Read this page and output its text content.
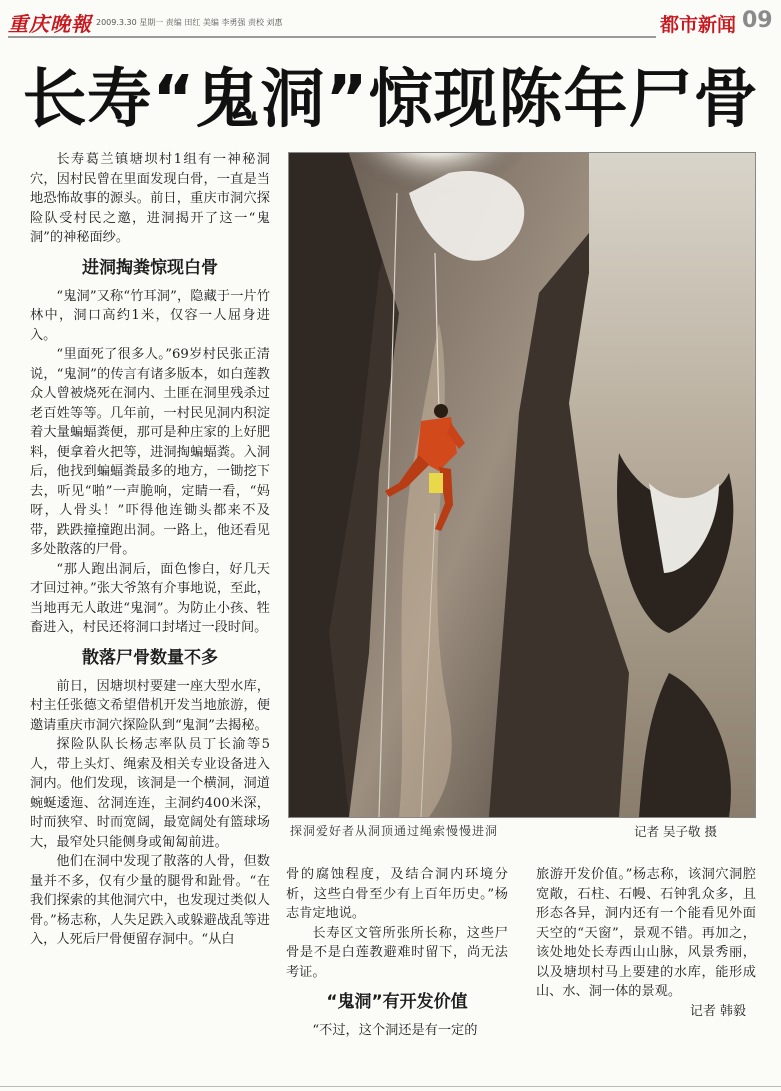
重庆晚報 2009.3.30 星期一 责编 田红 美编 李勇强 责校 刘惠	都市新闻 09
长寿“鬼洞”惊现陈年尸骨

长寿葛兰镇塘坝村1组有一神秘洞穴，因村民曾在里面发现白骨，一直是当地恐怖故事的源头。前日，重庆市洞穴探险队受村民之邀，进洞揭开了这一“鬼洞”的神秘面纱。

进洞掏粪惊现白骨

“鬼洞”又称“竹耳洞”，隐藏于一片竹林中，洞口高约1米，仅容一人屈身进入。

“里面死了很多人。”69岁村民张正清说，“鬼洞”的传言有诸多版本，如白莲教众人曾被烧死在洞内、土匪在洞里残杀过老百姓等等。几年前，一村民见洞内积淀着大量蝙蝠粪便，那可是种庄家的上好肥料，便拿着火把等，进洞掏蝙蝠粪。入洞后，他找到蝙蝠粪最多的地方，一锄挖下去，听见“啪”一声脆响，定睛一看，“妈呀，人骨头！”吓得他连锄头都来不及带，跌跌撞撞跑出洞。一路上，他还看见多处散落的尸骨。

“那人跑出洞后，面色惨白，好几天才回过神。”张大爷煞有介事地说，至此，当地再无人敢进“鬼洞”。为防止小孩、牲畜进入，村民还将洞口封堵过一段时间。

散落尸骨数量不多

前日，因塘坝村要建一座大型水库，村主任张德文希望借机开发当地旅游，便邀请重庆市洞穴探险队到“鬼洞”去揭秘。

探险队队长杨志率队员丁长渝等5人，带上头灯、绳索及相关专业设备进入洞内。他们发现，该洞是一个横洞，洞道蜿蜒逶迤、岔洞连连，主洞约400米深，时而狭窄、时而宽阔，最宽阔处有篮球场大，最窄处只能侧身或匍匐前进。

他们在洞中发现了散落的人骨，但数量并不多，仅有少量的腿骨和趾骨。“在我们探索的其他洞穴中，也发现过类似人骨。”杨志称，人失足跌入或躲避战乱等进入，人死后尸骨便留存洞中。“从白

探洞爱好者从洞顶通过绳索慢慢进洞	记者 吴子敬 摄

骨的腐蚀程度，及结合洞内环境分析，这些白骨至少有上百年历史。”杨志肯定地说。

长寿区文管所张所长称，这些尸骨是不是白莲教避难时留下，尚无法考证。

“鬼洞”有开发价值

“不过，这个洞还是有一定的

旅游开发价值。”杨志称，该洞穴洞腔宽敞，石柱、石幔、石钟乳众多，且形态各异，洞内还有一个能看见外面天空的“天窗”，景观不错。再加之，该处地处长寿西山山脉，风景秀丽，以及塘坝村马上要建的水库，能形成山、水、洞一体的景观。

记者 韩毅
